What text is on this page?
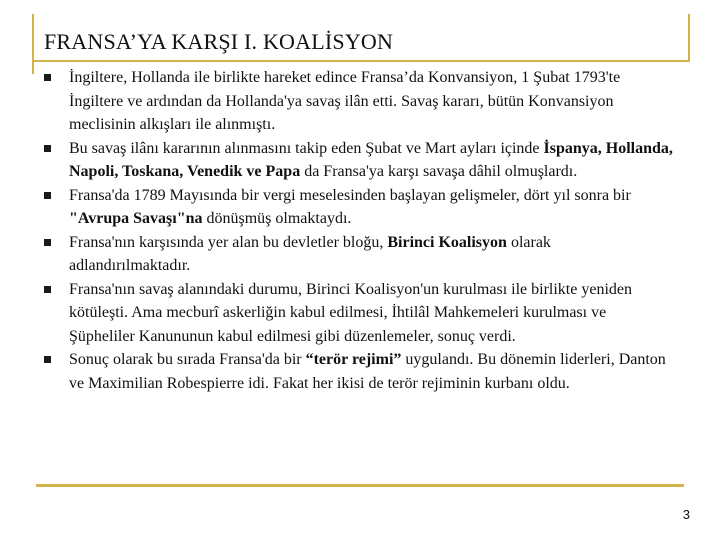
FRANSA’YA KARŞI I. KOALİSYON
İngiltere, Hollanda ile birlikte hareket edince Fransa’da Konvansiyon, 1 Şubat 1793'te İngiltere ve ardından da Hollanda'ya savaş ilân etti. Savaş kararı, bütün Konvansiyon meclisinin alkışları ile alınmıştı.
Bu savaş ilânı kararının alınmasını takip eden Şubat ve Mart ayları içinde İspanya, Hollanda, Napoli, Toskana, Venedik ve Papa da Fransa'ya karşı savaşa dâhil olmuşlardı.
Fransa'da 1789 Mayısında bir vergi meselesinden başlayan gelişmeler, dört yıl sonra bir "Avrupa Savaşı"na dönüşmüş olmaktaydı.
Fransa'nın karşısında yer alan bu devletler bloğu, Birinci Koalisyon olarak adlandırılmaktadır.
Fransa'nın savaş alanındaki durumu, Birinci Koalisyon'un kurulması ile birlikte yeniden kötüleşti. Ama mecburî askerliğin kabul edilmesi, İhtilâl Mahkemeleri kurulması ve Şüpheliler Kanununun kabul edilmesi gibi düzenlemeler, sonuç verdi.
Sonuç olarak bu sırada Fransa'da bir “terör rejimi” uygulandı. Bu dönemin liderleri, Danton ve Maximilian Robespierre idi. Fakat her ikisi de terör rejiminin kurbanı oldu.
3
